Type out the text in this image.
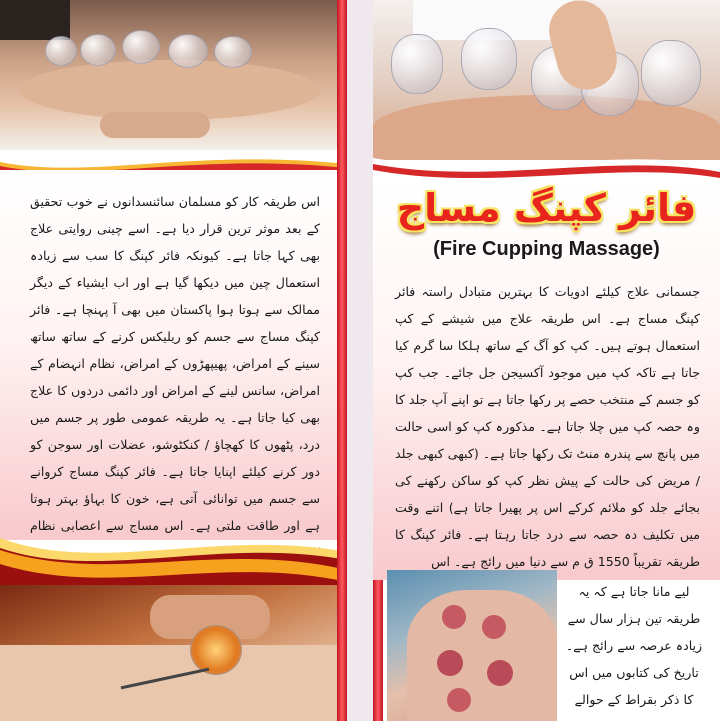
اس طریقہ کار کو مسلمان سائنسدانوں نے خوب تحقیق کے بعد موثر ترین قرار دیا ہے۔ اسے چینی روایتی علاج بھی کہا جاتا ہے۔ کیونکہ فائر کپنگ کا سب سے زیادہ استعمال چین میں دیکھا گیا ہے اور اب ایشیاء کے دیگر ممالک سے ہوتا ہوا پاکستان میں بھی آ پہنچا ہے۔ فائر کپنگ مساج سے جسم کو ریلیکس کرنے کے ساتھ ساتھ سینے کے امراض، پھیپھڑوں کے امراض، نظام انہضام کے امراض، سانس لینے کے امراض اور دائمی دردوں کا علاج بھی کیا جاتا ہے۔ یہ طریقہ عمومی طور پر جسم میں درد، پٹھوں کا کھچاؤ / کنکٹوشو، عضلات اور سوجن کو دور کرنے کیلئے اپنایا جاتا ہے۔ فائر کپنگ مساج کروانے سے جسم میں توانائی آتی ہے، خون کا بہاؤ بہتر ہوتا ہے اور طاقت ملتی ہے۔ اس مساج سے اعصابی نظام

فائر کپنگ مساج
(Fire Cupping Massage)

جسمانی علاج کیلئے ادویات کا بہترین متبادل راستہ فائر کپنگ مساج ہے۔ اس طریقہ علاج میں شیشے کے کپ استعمال ہوتے ہیں۔ کپ کو آگ کے ساتھ ہلکا سا گرم کیا جاتا ہے تاکہ کپ میں موجود آکسیجن جل جائے۔ جب کپ کو جسم کے منتخب حصے پر رکھا جاتا ہے تو اپنے آپ جلد کا وہ حصہ کپ میں چلا جاتا ہے۔ مذکورہ کپ کو اسی حالت میں پانچ سے پندرہ منٹ تک رکھا جاتا ہے۔ (کبھی کبھی جلد / مریض کی حالت کے پیش نظر کپ کو ساکن رکھنے کی بجائے جلد کو ملائم کرکے اس پر پھیرا جاتا ہے) اتنے وقت میں تکلیف دہ حصہ سے درد جاتا رہتا ہے۔ فائر کپنگ کا طریقہ تقریباً 1550 ق م سے دنیا میں رائج ہے۔ اس

لیے مانا جاتا ہے کہ یہ طریقہ تین ہزار سال سے زیادہ عرصہ سے رائج ہے۔ تاریخ کی کتابوں میں اس کا ذکر بقراط کے حوالے
